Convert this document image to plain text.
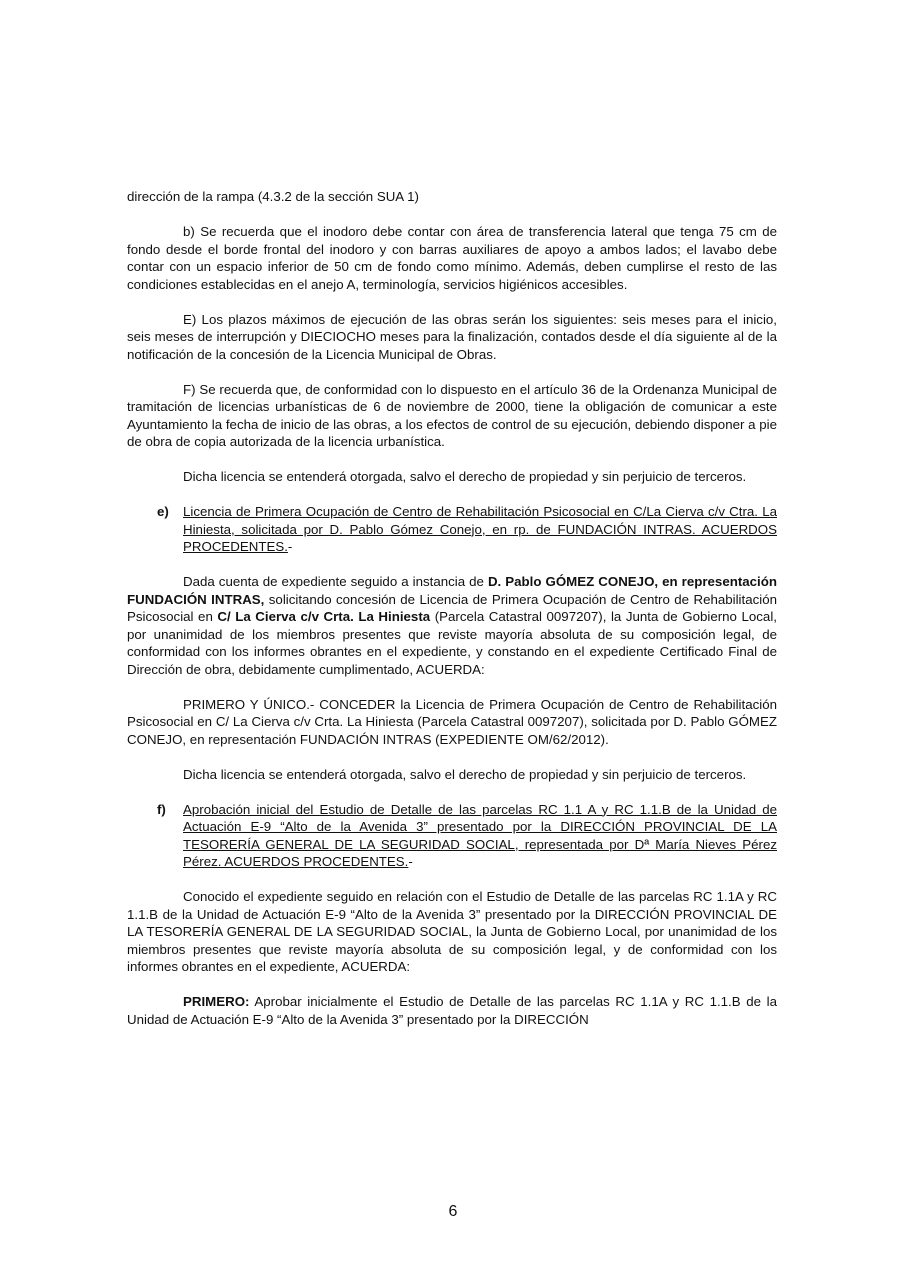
dirección de la rampa (4.3.2 de la sección SUA 1)
b) Se recuerda que el inodoro debe contar con área de transferencia lateral que tenga 75 cm de fondo desde el borde frontal del inodoro y con barras auxiliares de apoyo a ambos lados; el lavabo debe contar con un espacio inferior de 50 cm de fondo como mínimo. Además, deben cumplirse el resto de las condiciones establecidas en el anejo A, terminología, servicios higiénicos accesibles.
E) Los plazos máximos de ejecución de las obras serán los siguientes: seis meses para el inicio, seis meses de interrupción y DIECIOCHO meses para la finalización, contados desde el día siguiente al de la notificación de la concesión de la Licencia Municipal de Obras.
F) Se recuerda que, de conformidad con lo dispuesto en el artículo 36 de la Ordenanza Municipal de tramitación de licencias urbanísticas de 6 de noviembre de 2000, tiene la obligación de comunicar a este Ayuntamiento la fecha de inicio de las obras, a los efectos de control de su ejecución, debiendo disponer a pie de obra de copia autorizada de la licencia urbanística.
Dicha licencia se entenderá otorgada, salvo el derecho de propiedad y sin perjuicio de terceros.
e) Licencia de Primera Ocupación de Centro de Rehabilitación Psicosocial en C/La Cierva c/v Ctra. La Hiniesta, solicitada por D. Pablo Gómez Conejo, en rp. de FUNDACIÓN INTRAS. ACUERDOS PROCEDENTES.-
Dada cuenta de expediente seguido a instancia de D. Pablo GÓMEZ CONEJO, en representación FUNDACIÓN INTRAS, solicitando concesión de Licencia de Primera Ocupación de Centro de Rehabilitación Psicosocial en C/ La Cierva c/v Crta. La Hiniesta (Parcela Catastral 0097207), la Junta de Gobierno Local, por unanimidad de los miembros presentes que reviste mayoría absoluta de su composición legal, de conformidad con los informes obrantes en el expediente, y constando en el expediente Certificado Final de Dirección de obra, debidamente cumplimentado, ACUERDA:
PRIMERO Y ÚNICO.- CONCEDER la Licencia de Primera Ocupación de Centro de Rehabilitación Psicosocial en C/ La Cierva c/v Crta. La Hiniesta (Parcela Catastral 0097207), solicitada por D. Pablo GÓMEZ CONEJO, en representación FUNDACIÓN INTRAS (EXPEDIENTE OM/62/2012).
Dicha licencia se entenderá otorgada, salvo el derecho de propiedad y sin perjuicio de terceros.
f) Aprobación inicial del Estudio de Detalle de las parcelas RC 1.1 A y RC 1.1.B de la Unidad de Actuación E-9 “Alto de la Avenida 3” presentado por la DIRECCIÓN PROVINCIAL DE LA TESORERÍA GENERAL DE LA SEGURIDAD SOCIAL, representada por Dª María Nieves Pérez Pérez. ACUERDOS PROCEDENTES.-
Conocido el expediente seguido en relación con el Estudio de Detalle de las parcelas RC 1.1A y RC 1.1.B de la Unidad de Actuación E-9 “Alto de la Avenida 3” presentado por la DIRECCIÓN PROVINCIAL DE LA TESORERÍA GENERAL DE LA SEGURIDAD SOCIAL, la Junta de Gobierno Local, por unanimidad de los miembros presentes que reviste mayoría absoluta de su composición legal, y de conformidad con los informes obrantes en el expediente, ACUERDA:
PRIMERO: Aprobar inicialmente el Estudio de Detalle de las parcelas RC 1.1A y RC 1.1.B de la Unidad de Actuación E-9 “Alto de la Avenida 3” presentado por la DIRECCIÓN
6
